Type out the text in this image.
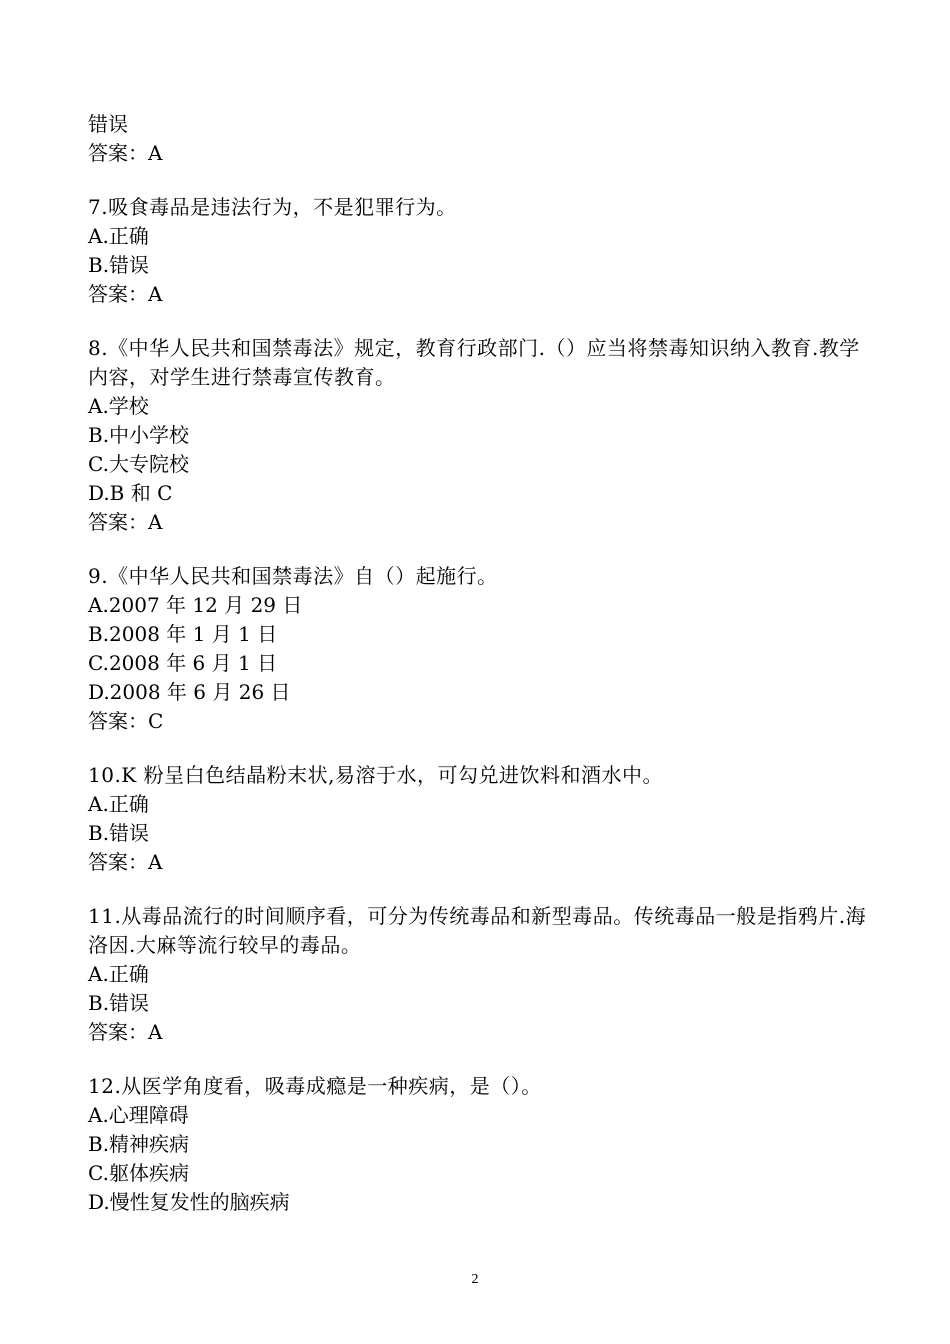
错误
答案：A
7.吸食毒品是违法行为，不是犯罪行为。
A.正确
B.错误
答案：A
8.《中华人民共和国禁毒法》规定，教育行政部门.（）应当将禁毒知识纳入教育.教学内容，对学生进行禁毒宣传教育。
A.学校
B.中小学校
C.大专院校
D.B 和 C
答案：A
9.《中华人民共和国禁毒法》自（）起施行。
A.2007 年 12 月 29 日
B.2008 年 1 月 1 日
C.2008 年 6 月 1 日
D.2008 年 6 月 26 日
答案：C
10.K 粉呈白色结晶粉末状,易溶于水，可勾兑进饮料和酒水中。
A.正确
B.错误
答案：A
11.从毒品流行的时间顺序看，可分为传统毒品和新型毒品。传统毒品一般是指鸦片.海洛因.大麻等流行较早的毒品。
A.正确
B.错误
答案：A
12.从医学角度看，吸毒成瘾是一种疾病，是（）。
A.心理障碍
B.精神疾病
C.躯体疾病
D.慢性复发性的脑疾病
2
